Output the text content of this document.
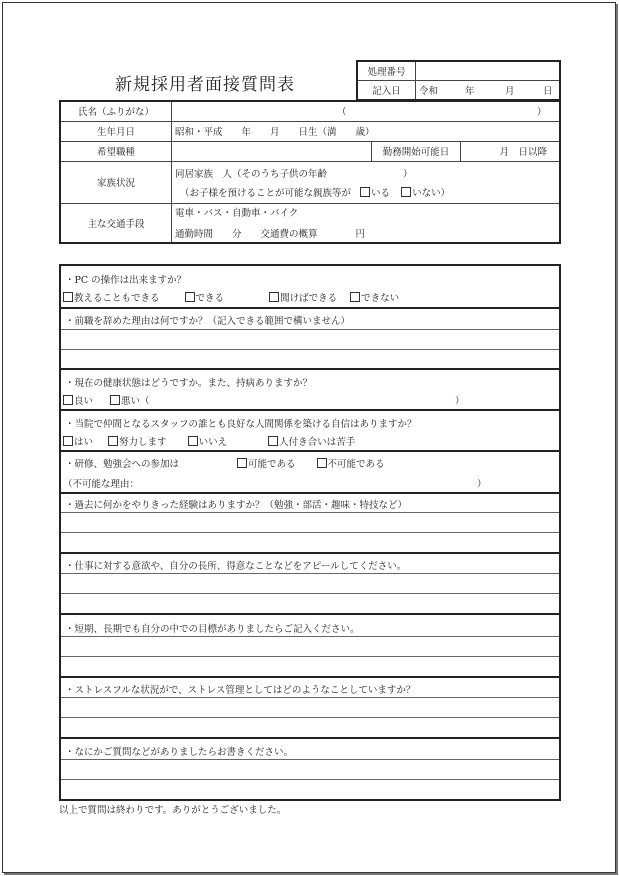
新規採用者面接質問表
処理番号	
記入日	令和 年 月 日
氏名（ふりがな）	（ ）		
生年月日	昭和・平成　　年　　月　　日生（満　　歳）		
希望職種		勤務開始可能日	月　日以降
家族状況	同居家族　人（そのうち子供の年齢　　　　　　　　）
（お子様を預けることが可能な親族等が いる いない）		

主な交通手段	電車・バス・自動車・バイク
通勤時間　　分　　交通費の概算　　　　円		
・PC の操作は出来ますか？
教えることもできる	できる	聞けばできる	できない
・前職を辞めた理由は何ですか？（記入できる範囲で構いません）
・現在の健康状態はどうですか。また、持病ありますか？
良い	悪い（	）
・当院で仲間となるスタッフの誰とも良好な人間関係を築ける自信はありますか？
はい	努力します	いいえ	人付き合いは苦手
・研修、勉強会への参加は	可能である	不可能である
（不可能な理由：	）
・過去に何かをやりきった経験はありますか？（勉強・部活・趣味・特技など）
・仕事に対する意欲や、自分の長所、得意なことなどをアピールしてください。
・短期、長期でも自分の中での目標がありましたらご記入ください。
・ストレスフルな状況がで、ストレス管理としてはどのようなことしていますか？
・なにかご質問などがありましたらお書きください。
以上で質問は終わりです。ありがとうございました。
